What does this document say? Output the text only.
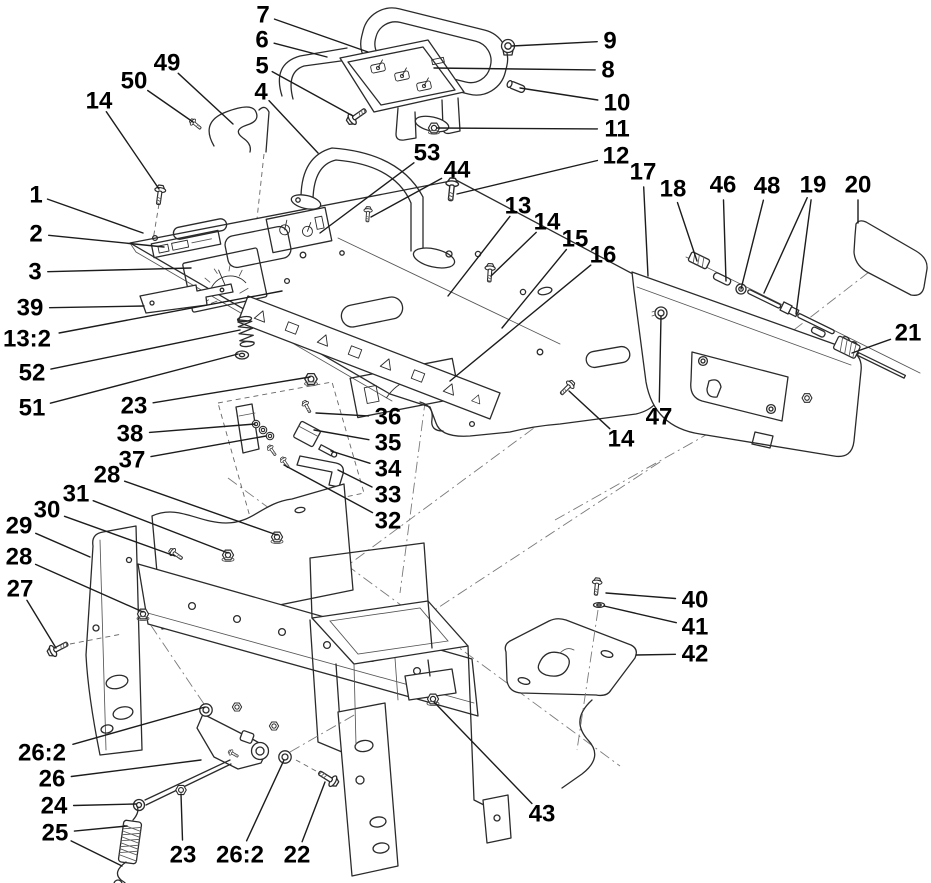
7
6
5
4
49
50
14
9
8
10
11
12
53
44
13
14
15
16
17
18 46 48 19 20
21
47
14
1
2
3
39
13:2
52
51	23
38
37
36
35
34
33
32
28
31
30
29
28
27
26:2
26
24
25
23 26:2 22
40
41
42
43
